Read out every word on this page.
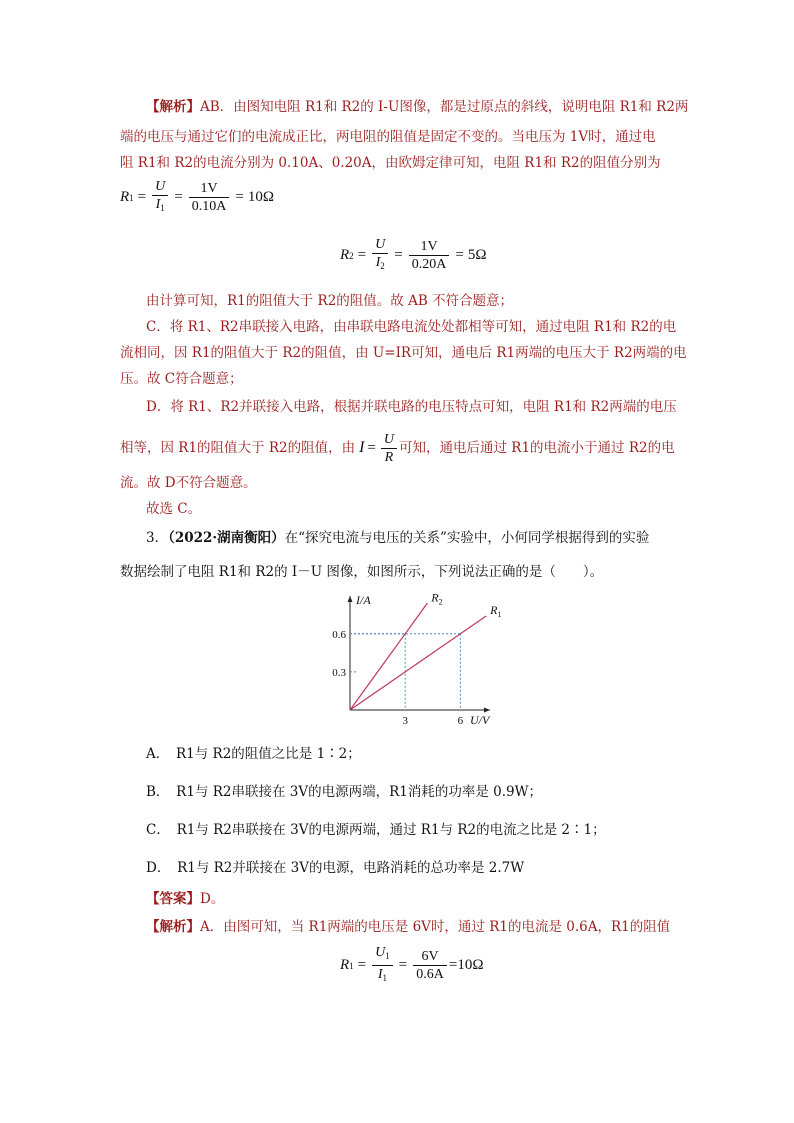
【解析】AB．由图知电阻 R1和 R2的 I-U图像，都是过原点的斜线，说明电阻 R1和 R2两
端的电压与通过它们的电流成正比，两电阻的阻值是固定不变的。当电压为 1V时，通过电
阻 R1和 R2的电流分别为 0.10A、0.20A，由欧姆定律可知，电阻 R1和 R2的阻值分别为
R $1 = \frac{U}{I_1} = \frac{1V}{0.10A} = 10\Omega$
R $2 = \frac{U}{I_2} = \frac{1V}{0.20A} = 5\Omega$
由计算可知，R1的阻值大于 R2的阻值。故 AB 不符合题意；
C．将 R1、R2串联接入电路，由串联电路电流处处都相等可知，通过电阻 R1和 R2的电
流相同，因 R1的阻值大于 R2的阻值，由 U=IR可知，通电后 R1两端的电压大于 R2两端的电
压。故 C符合题意；
D．将 R1、R2并联接入电路，根据并联电路的电压特点可知，电阻 R1和 R2两端的电压
相等，因 R1的阻值大于 R2的阻值，由 $I = \frac{U}{R}$ 可知，通电后通过 R1的电流小于通过 R2的电
流。故 D不符合题意。
故选 C。
3．（2022·湖南衡阳）在“探究电流与电压的关系”实验中，小何同学根据得到的实验
数据绘制了电阻 R1和 R2的 I－U 图像，如图所示，下列说法正确的是（　　）。
I/A
U/V
0.3
0.6
3	6
$R_2$
$R_1$
A．　R1与 R2的阻值之比是 1∶2；
B．　R1与 R2串联接在 3V的电源两端，R1消耗的功率是 0.9W；
C．　R1与 R2串联接在 3V的电源两端，通过 R1与 R2的电流之比是 2∶1；
D．　R1与 R2并联接在 3V的电源，电路消耗的总功率是 2.7W
【答案】D。
【解析】A．由图可知，当 R1两端的电压是 6V时，通过 R1的电流是 0.6A，R1的阻值
R $1 = \frac{U_1}{I_1} = \frac{6V}{0.6A} =10\Omega$
